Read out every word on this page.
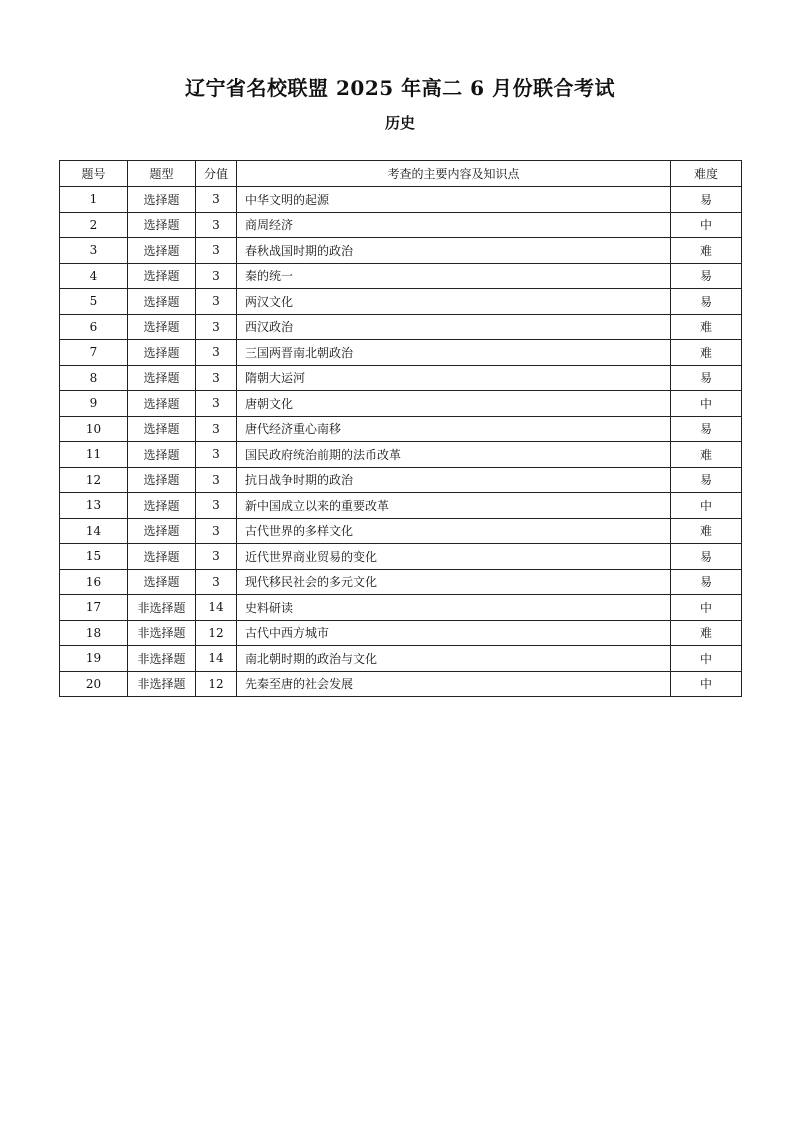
辽宁省名校联盟 2025 年高二 6 月份联合考试
历史
题号	题型	分值	考查的主要内容及知识点	难度
1	选择题	3	中华文明的起源	易
2	选择题	3	商周经济	中
3	选择题	3	春秋战国时期的政治	难
4	选择题	3	秦的统一	易
5	选择题	3	两汉文化	易
6	选择题	3	西汉政治	难
7	选择题	3	三国两晋南北朝政治	难
8	选择题	3	隋朝大运河	易
9	选择题	3	唐朝文化	中
10	选择题	3	唐代经济重心南移	易
11	选择题	3	国民政府统治前期的法币改革	难
12	选择题	3	抗日战争时期的政治	易
13	选择题	3	新中国成立以来的重要改革	中
14	选择题	3	古代世界的多样文化	难
15	选择题	3	近代世界商业贸易的变化	易
16	选择题	3	现代移民社会的多元文化	易
17	非选择题	14	史料研读	中
18	非选择题	12	古代中西方城市	难
19	非选择题	14	南北朝时期的政治与文化	中
20	非选择题	12	先秦至唐的社会发展	中
